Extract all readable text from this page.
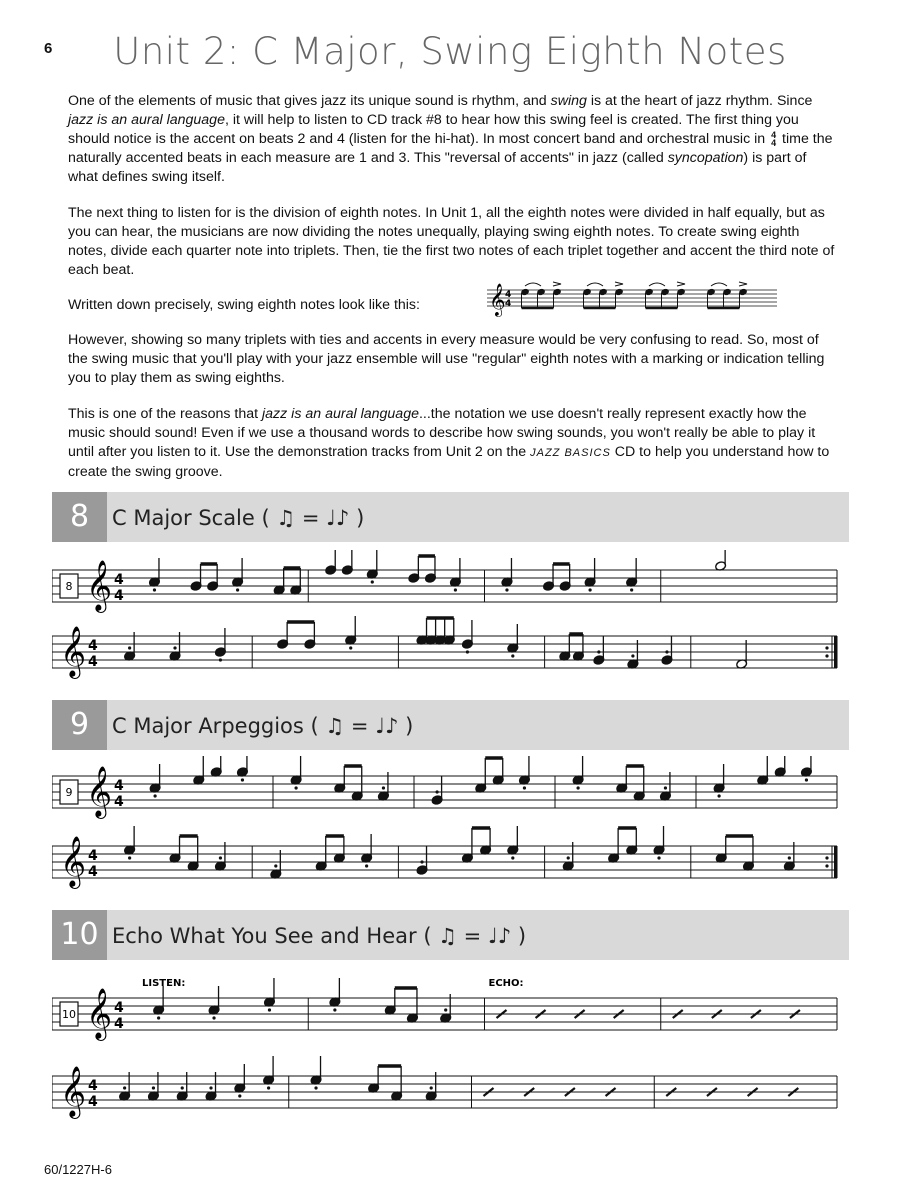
6	Unit 2: C Major, Swing Eighth Notes

One of the elements of music that gives jazz its unique sound is rhythm, and swing is at the heart of jazz rhythm. Since jazz is an aural language, it will help to listen to CD track #8 to hear how this swing feel is created. The first thing you should notice is the accent on beats 2 and 4 (listen for the hi-hat). In most concert band and orchestral music in 4
4 time the naturally accented beats in each measure are 1 and 3. This "reversal of accents" in jazz (called syncopation) is part of what defines swing itself.

The next thing to listen for is the division of eighth notes. In Unit 1, all the eighth notes were divided in half equally, but as you can hear, the musicians are now dividing the notes unequally, playing swing eighth notes. To create swing eighth notes, divide each quarter note into triplets. Then, tie the first two notes of each triplet together and accent the third note of each beat.

Written down precisely, swing eighth notes look like this: 𝄞 4
4

However, showing so many triplets with ties and accents in every measure would be very confusing to read. So, most of the swing music that you'll play with your jazz ensemble will use "regular" eighth notes with a marking or indication telling you to play them as swing eighths.

This is one of the reasons that jazz is an aural language...the notation we use doesn't really represent exactly how the music should sound! Even if we use a thousand words to describe how swing sounds, you won't really be able to play it until after you listen to it. Use the demonstration tracks from Unit 2 on the JAZZ BASICS CD to help you understand how to create the swing groove.

8	C Major Scale ( ♫ = ♩♪ )
8 𝄞 4
4
𝄞 4
4
9	C Major Arpeggios ( ♫ = ♩♪ )
9 𝄞 4
4
𝄞 4
4
10 Echo What You See and Hear ( ♫ = ♩♪ )
10 𝄞 4
4
LISTEN:	ECHO:
𝄞 4
4
60/1227H-6
